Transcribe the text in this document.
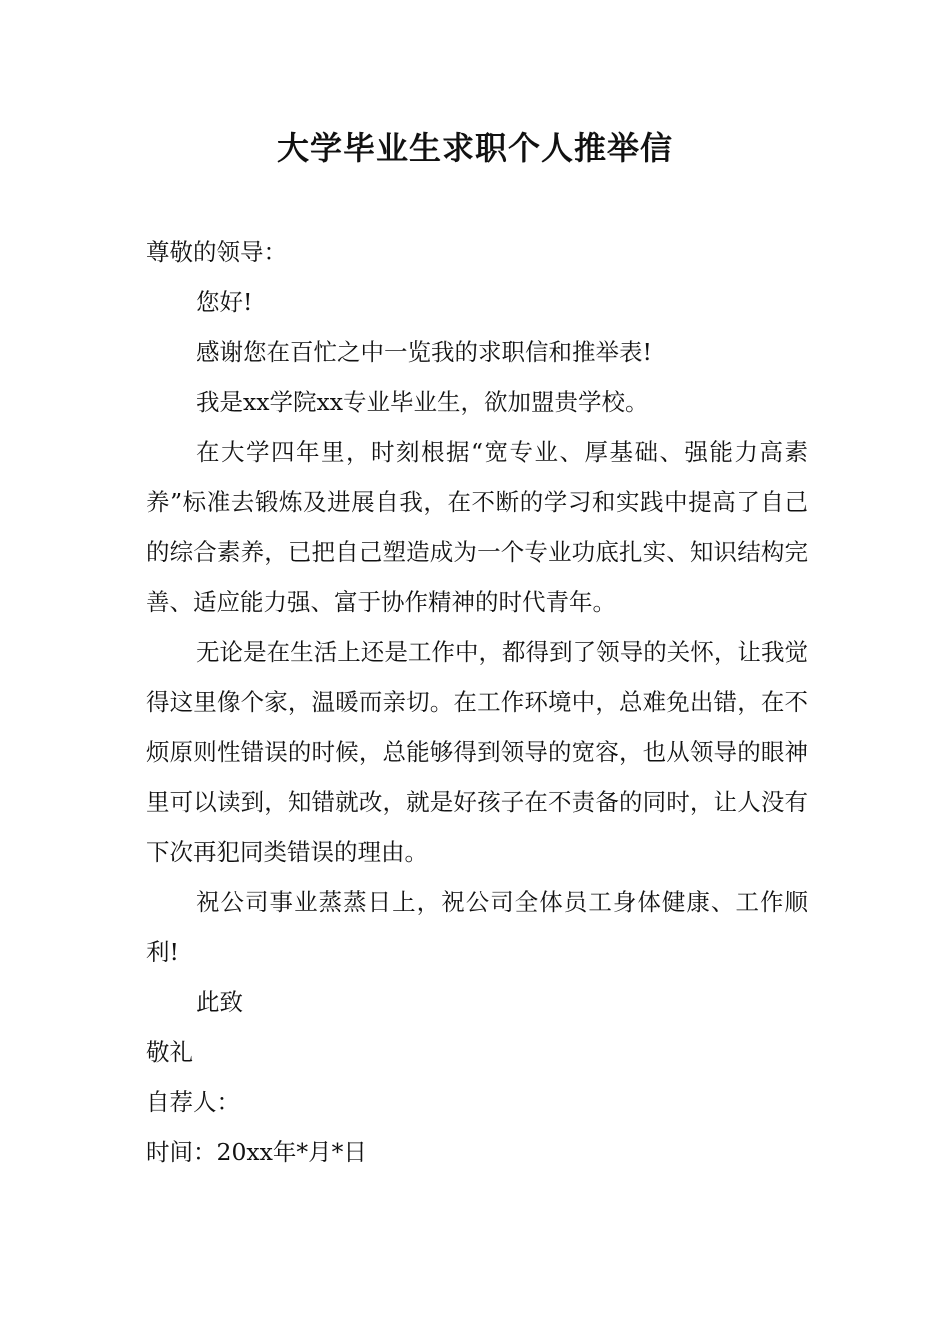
大学毕业生求职个人推举信

尊敬的领导：

您好!

感谢您在百忙之中一览我的求职信和推举表!

我是xx学院xx专业毕业生，欲加盟贵学校。

在大学四年里，时刻根据“宽专业、厚基础、强能力高素养”标准去锻炼及进展自我，在不断的学习和实践中提高了自己的综合素养，已把自己塑造成为一个专业功底扎实、知识结构完善、适应能力强、富于协作精神的时代青年。

无论是在生活上还是工作中，都得到了领导的关怀，让我觉得这里像个家，温暖而亲切。在工作环境中，总难免出错，在不烦原则性错误的时候，总能够得到领导的宽容，也从领导的眼神里可以读到，知错就改，就是好孩子在不责备的同时，让人没有下次再犯同类错误的理由。

祝公司事业蒸蒸日上，祝公司全体员工身体健康、工作顺利!

此致

敬礼

自荐人：

时间：20xx年*月*日
